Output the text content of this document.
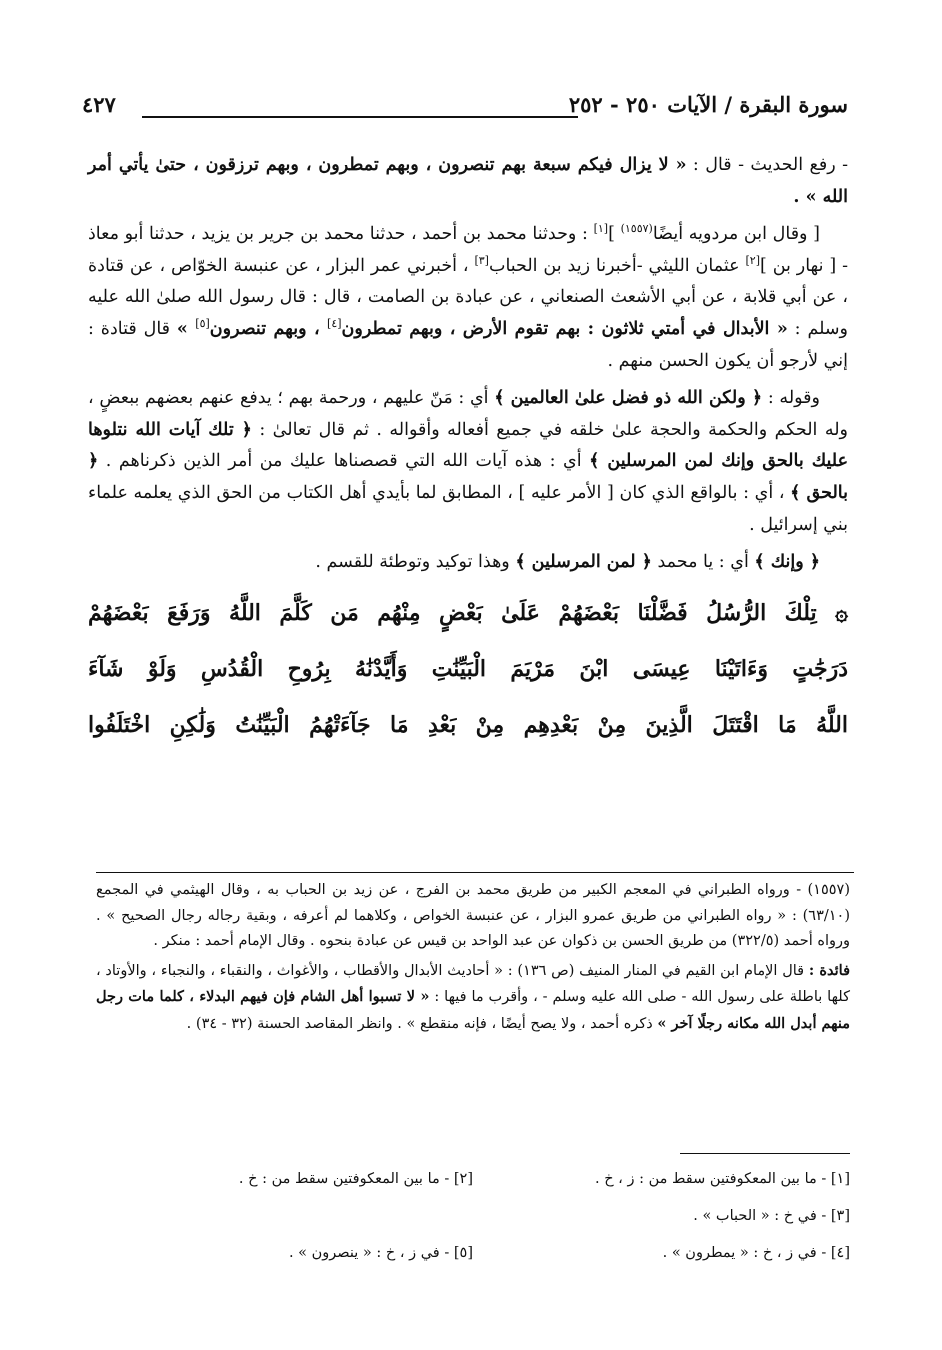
سورة البقرة / الآيات ٢٥٠ - ٢٥٢
٤٢٧

- رفع الحديث - قال : « لا يزال فيكم سبعة بهم تنصرون ، وبهم تمطرون ، وبهم ترزقون ، حتىٰ يأتي أمر الله » .

[ وقال ابن مردويه أيضًا$^{(١٥٥٧)}$ ][١] : وحدثنا محمد بن أحمد ، حدثنا محمد بن جرير بن يزيد ، حدثنا أبو معاذ - [ نهار بن ][٢] عثمان الليثي -أخبرنا زيد بن الحباب[٣] ، أخبرني عمر البزار ، عن عنبسة الخوّاص ، عن قتادة ، عن أبي قلابة ، عن أبي الأشعث الصنعاني ، عن عبادة بن الصامت ، قال : قال رسول الله صلىٰ الله عليه وسلم : « الأبدال في أمتي ثلاثون : بهم تقوم الأرض ، وبهم تمطرون[٤] ، وبهم تنصرون[٥] » قال قتادة : إني لأرجو أن يكون الحسن منهم .

وقوله : ﴿ ولكن الله ذو فضل علىٰ العالمين ﴾ أي : مَنّ عليهم ، ورحمة بهم ؛ يدفع عنهم بعضهم ببعضٍ ، وله الحكم والحكمة والحجة علىٰ خلقه في جميع أفعاله وأقواله . ثم قال تعالىٰ : ﴿ تلك آيات الله نتلوها عليك بالحق وإنك لمن المرسلين ﴾ أي : هذه آيات الله التي قصصناها عليك من أمر الذين ذكرناهم . ﴿ بالحق ﴾ ، أي : بالواقع الذي كان [ الأمر عليه ] ، المطابق لما بأيدي أهل الكتاب من الحق الذي يعلمه علماء بني إسرائيل .

﴿ وإنك ﴾ أي : يا محمد ﴿ لمن المرسلين ﴾ وهذا توكيد وتوطئة للقسم .

۞ تِلْكَ الرُّسُلُ فَضَّلْنَا بَعْضَهُمْ عَلَىٰ بَعْضٍ مِنْهُم مَن كَلَّمَ اللَّهُ وَرَفَعَ بَعْضَهُمْ
دَرَجَٰتٍ وَءَاتَيْنَا عِيسَى ابْنَ مَرْيَمَ الْبَيِّنَٰتِ وَأَيَّدْنَٰهُ بِرُوحِ الْقُدُسِ وَلَوْ شَآءَ
اللَّهُ مَا اقْتَتَلَ الَّذِينَ مِنْ بَعْدِهِم مِنْ بَعْدِ مَا جَآءَتْهُمُ الْبَيِّنَٰتُ وَلَٰكِنِ اخْتَلَفُوا

(١٥٥٧) - ورواه الطبراني في المعجم الكبير من طريق محمد بن الفرج ، عن زيد بن الحباب به ، وقال الهيثمي في المجمع (٦٣/١٠) : « رواه الطبراني من طريق عمرو البزار ، عن عنبسة الخواص ، وكلاهما لم أعرفه ، وبقية رجاله رجال الصحيح » . ورواه أحمد (٣٢٢/٥) من طريق الحسن بن ذكوان عن عبد الواحد بن قيس عن عبادة بنحوه . وقال الإمام أحمد : منكر .

فائدة : قال الإمام ابن القيم في المنار المنيف (ص ١٣٦) : « أحاديث الأبدال والأقطاب ، والأغواث ، والنقباء ، والنجباء ، والأوتاد ، كلها باطلة على رسول الله - صلى الله عليه وسلم - ، وأقرب ما فيها : « لا تسبوا أهل الشام فإن فيهم البدلاء ، كلما مات رجل منهم أبدل الله مكانه رجلًا آخر » ذكره أحمد ، ولا يصح أيضًا ، فإنه منقطع » . وانظر المقاصد الحسنة (٣٢ - ٣٤) .

[١] - ما بين المعكوفتين سقط من : ز ، خ .
[٢] - ما بين المعكوفتين سقط من : خ .
[٣] - في خ : « الحباب » .
[٤] - في ز ، خ : « يمطرون » .
[٥] - في ز ، خ : « ينصرون » .
